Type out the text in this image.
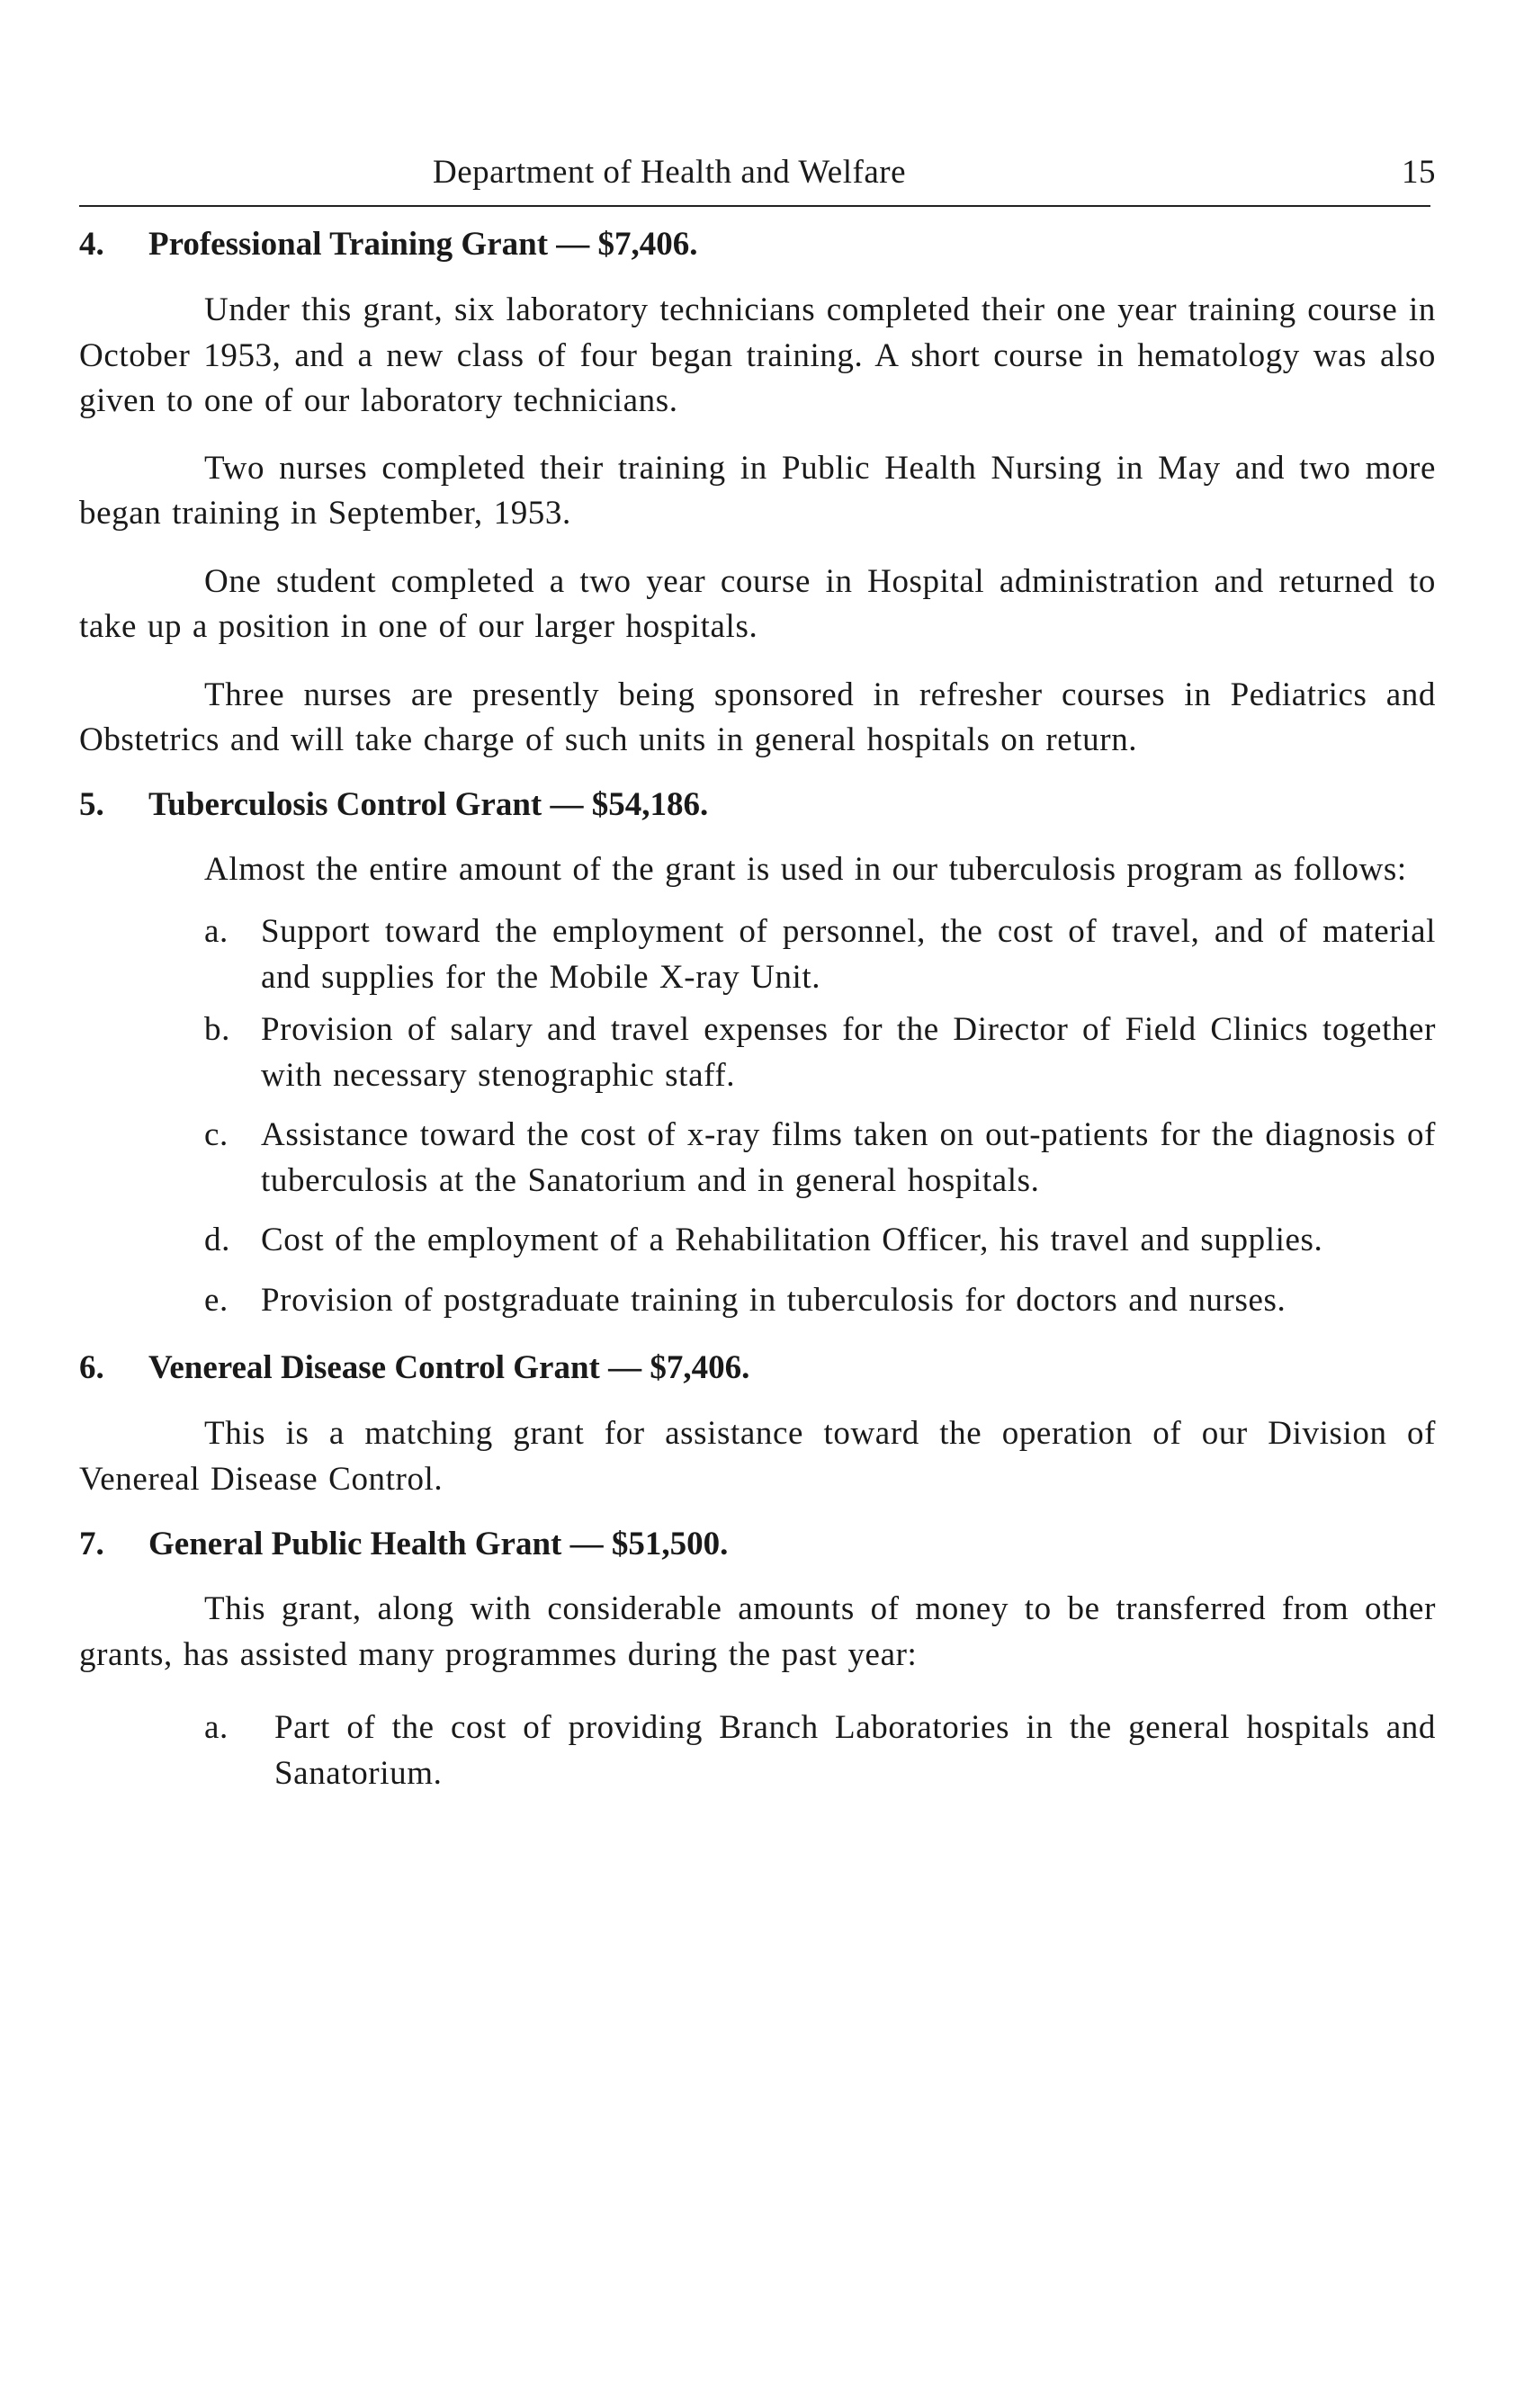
Department of Health and Welfare	15
4. Professional Training Grant — $7,406.

Under this grant, six laboratory technicians completed their one year training course in October 1953, and a new class of four began training. A short course in hematology was also given to one of our laboratory technicians.

Two nurses completed their training in Public Health Nursing in May and two more began training in September, 1953.

One student completed a two year course in Hospital administration and returned to take up a position in one of our larger hospitals.

Three nurses are presently being sponsored in refresher courses in Pediatrics and Obstetrics and will take charge of such units in general hospitals on return.

5. Tuberculosis Control Grant — $54,186.

Almost the entire amount of the grant is used in our tuberculosis program as follows:

a. Support toward the employment of personnel, the cost of travel, and of material and supplies for the Mobile X-ray Unit.
b. Provision of salary and travel expenses for the Director of Field Clinics together with necessary stenographic staff.
c. Assistance toward the cost of x-ray films taken on out-patients for the diagnosis of tuberculosis at the Sanatorium and in general hospitals.
d. Cost of the employment of a Rehabilitation Officer, his travel and supplies.
e. Provision of postgraduate training in tuberculosis for doctors and nurses.
6. Venereal Disease Control Grant — $7,406.

This is a matching grant for assistance toward the operation of our Division of Venereal Disease Control.

7. General Public Health Grant — $51,500.

This grant, along with considerable amounts of money to be transferred from other grants, has assisted many programmes during the past year:

a. Part of the cost of providing Branch Laboratories in the general hospitals and Sanatorium.
